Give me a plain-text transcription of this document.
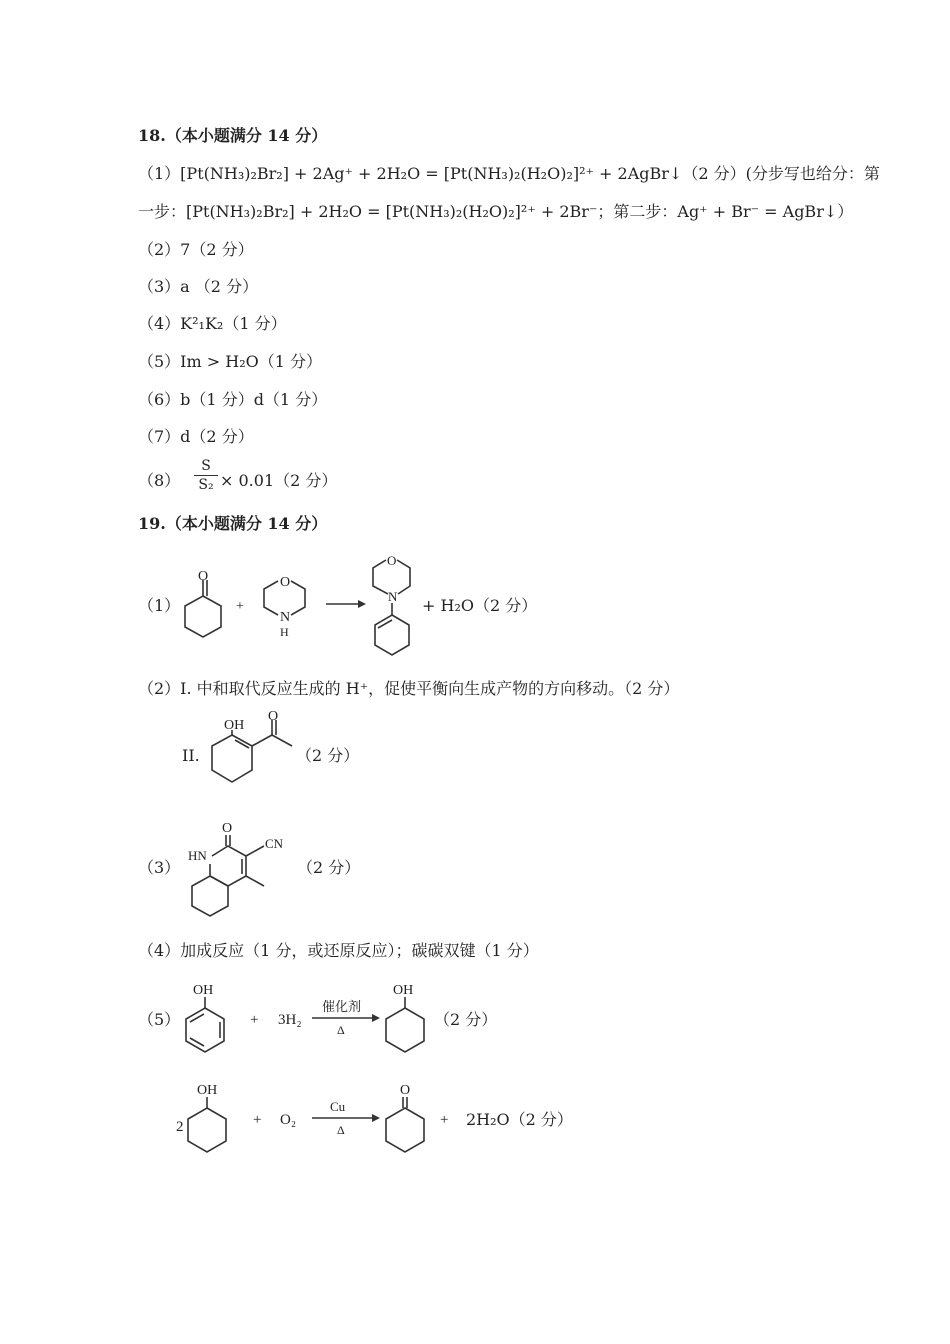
18.（本小题满分 14 分）
（1）[Pt(NH₃)₂Br₂] + 2Ag⁺ + 2H₂O = [Pt(NH₃)₂(H₂O)₂]²⁺ + 2AgBr↓（2 分）(分步写也给分：第
一步：[Pt(NH₃)₂Br₂] + 2H₂O = [Pt(NH₃)₂(H₂O)₂]²⁺ + 2Br⁻；第二步：Ag⁺ + Br⁻ = AgBr↓）
（2）7（2 分）
（3）a （2 分）
（4）K²₁K₂（1 分）
（5）Im > H₂O（1 分）
（6）b（1 分）d（1 分）
（7）d（2 分）
（8）
S
S₂ × 0.01（2 分）
19.（本小题满分 14 分）
（1）
O
+
O
N
H
O
N + H₂O（2 分）
（2）I. 中和取代反应生成的 H⁺，促使平衡向生成产物的方向移动。（2 分）
II.
OH
O
（2 分）
（3）
O
HN
CN
（2 分）
（4）加成反应（1 分，或还原反应）；碳碳双键（1 分）
（5）
OH
+ 3H₂
催化剂
Δ
OH
（2 分）
2
OH
+ O₂
Cu
Δ
O
+ 2H₂O（2 分）
